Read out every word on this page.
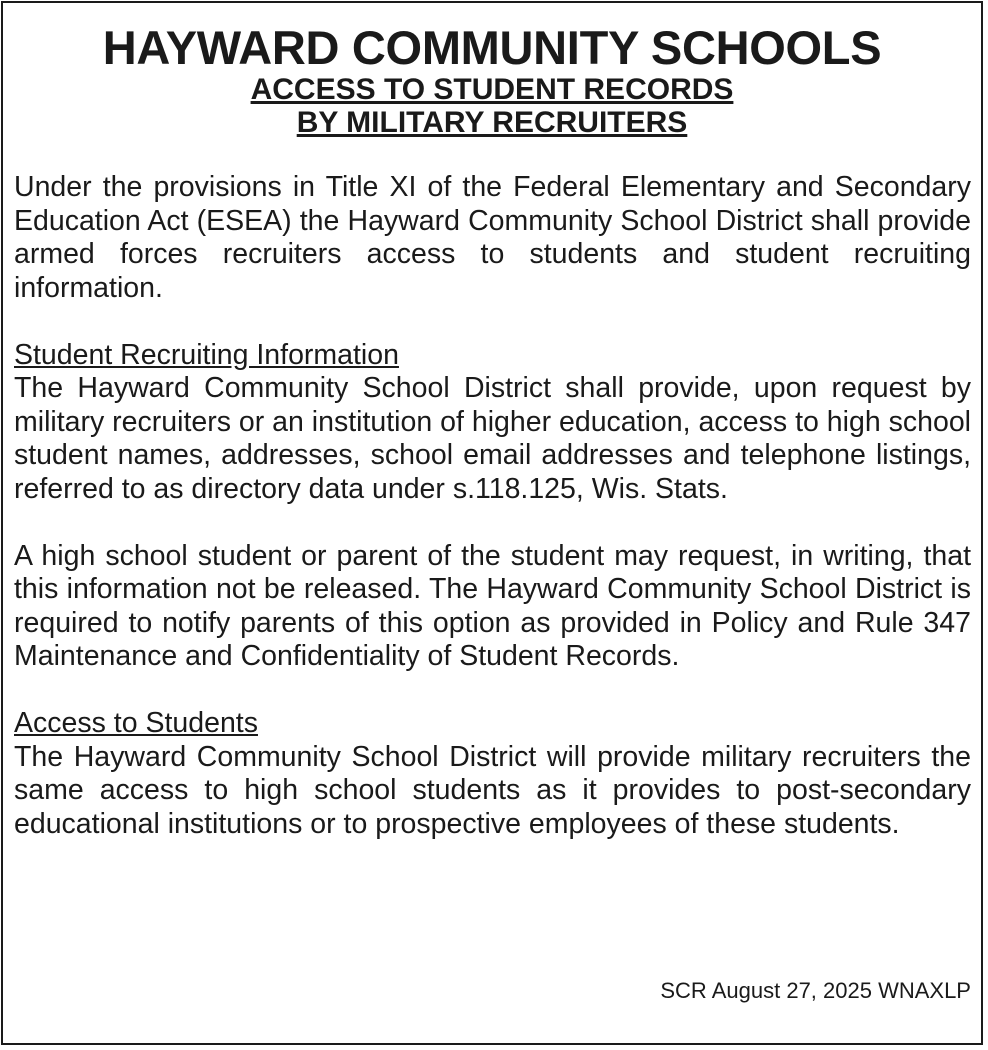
HAYWARD COMMUNITY SCHOOLS
ACCESS TO STUDENT RECORDS
BY MILITARY RECRUITERS

Under the provisions in Title XI of the Federal Elementary and Secondary Education Act (ESEA) the Hayward Community School District shall provide armed forces recruiters access to students and student recruiting information.

Student Recruiting Information
The Hayward Community School District shall provide, upon request by military recruiters or an institution of higher education, access to high school student names, addresses, school email addresses and telephone listings, referred to as directory data under s.118.125, Wis. Stats.

A high school student or parent of the student may request, in writing, that this information not be released. The Hayward Community School District is required to notify parents of this option as provided in Policy and Rule 347 Maintenance and Confidentiality of Student Records.

Access to Students
The Hayward Community School District will provide military recruiters the same access to high school students as it provides to post-secondary educational institutions or to prospective employees of these students.
SCR August 27, 2025 WNAXLP
